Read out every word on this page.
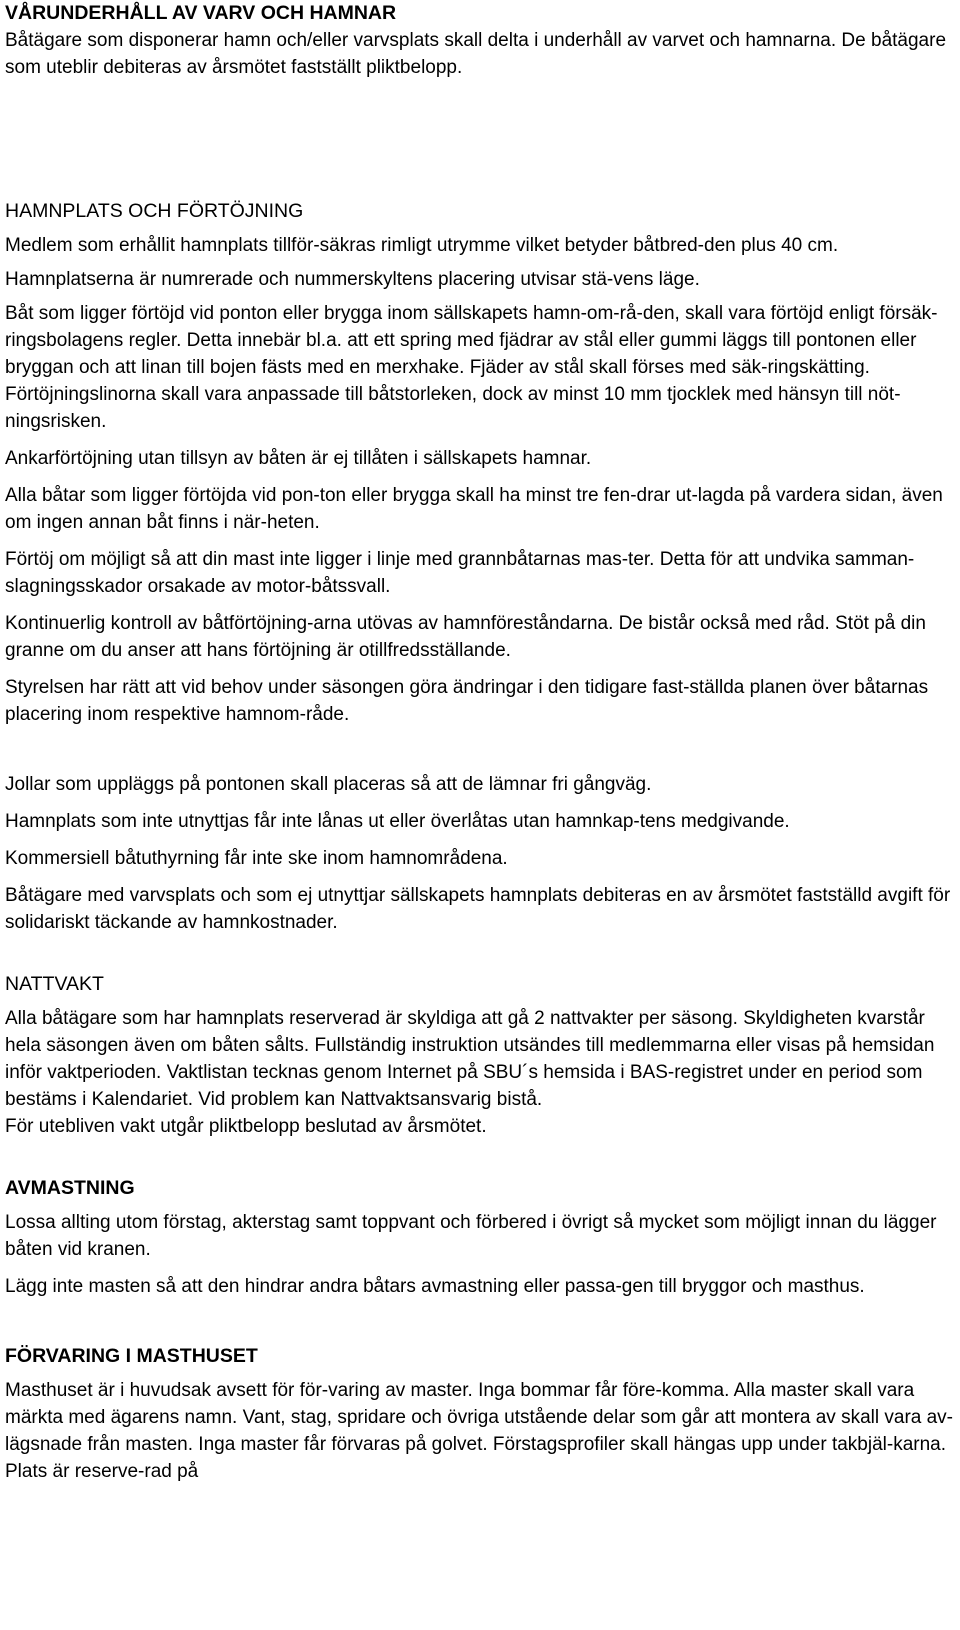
VÅRUNDERHÅLL AV VARV OCH HAMNAR

Båtägare som disponerar hamn och/eller varvsplats skall delta i underhåll av varvet och hamnarna. De båtägare som uteblir debiteras av årsmötet fastställt pliktbelopp.

HAMNPLATS OCH FÖRTÖJNING

Medlem som erhållit hamnplats tillför-säkras rimligt utrymme vilket betyder båtbred-den plus 40 cm.

Hamnplatserna är numrerade och nummerskyltens placering utvisar stä-vens läge.

Båt som ligger förtöjd vid ponton eller brygga inom sällskapets hamn-om-rå-den, skall vara förtöjd enligt försäk-ringsbolagens regler. Detta innebär bl.a. att ett spring med fjädrar av stål eller gummi läggs till pontonen eller bryggan och att linan till bojen fästs med en merxhake. Fjäder av stål skall förses med säk-ringskätting. Förtöjningslinorna skall vara anpassade till båtstorleken, dock av minst 10 mm tjocklek med hänsyn till nöt-ningsrisken.

Ankarförtöjning utan tillsyn av båten är ej tillåten i sällskapets hamnar.

Alla båtar som ligger förtöjda vid pon-ton eller brygga skall ha minst tre fen-drar ut-lagda på vardera sidan, även om ingen annan båt finns i när-heten.

Förtöj om möjligt så att din mast inte ligger i linje med grannbåtarnas mas-ter. Detta för att undvika samman-slagningsskador orsakade av motor-båtssvall.

Kontinuerlig kontroll av båtförtöjning-arna utövas av hamnföreståndarna. De bistår också med råd. Stöt på din granne om du anser att hans förtöjning är otillfredsställande.

Styrelsen har rätt att vid behov under säsongen göra ändringar i den tidigare fast-ställda planen över båtarnas placering inom respektive hamnom-råde.

Jollar som uppläggs på pontonen skall placeras så att de lämnar fri gångväg.

Hamnplats som inte utnyttjas får inte lånas ut eller överlåtas utan hamnkap-tens medgivande.

Kommersiell båtuthyrning får inte ske inom hamnområdena.

Båtägare med varvsplats och som ej utnyttjar sällskapets hamnplats debiteras en av årsmötet fastställd avgift för solidariskt täckande av hamnkostnader.

NATTVAKT

Alla båtägare som har hamnplats reserverad är skyldiga att gå 2 nattvakter per säsong. Skyldigheten kvarstår hela säsongen även om båten sålts. Fullständig instruktion utsändes till medlemmarna eller visas på hemsidan inför vaktperioden. Vaktlistan tecknas genom Internet på SBU´s hemsida i BAS-registret under en period som bestäms i Kalendariet. Vid problem kan Nattvaktsansvarig bistå.

För utebliven vakt utgår pliktbelopp beslutad av årsmötet.

AVMASTNING

Lossa allting utom förstag, akterstag samt toppvant och förbered i övrigt så mycket som möjligt innan du lägger båten vid kranen.

Lägg inte masten så att den hindrar andra båtars avmastning eller passa-gen till bryggor och masthus.

FÖRVARING I MASTHUSET

Masthuset är i huvudsak avsett för för-varing av master. Inga bommar får före-komma. Alla master skall vara märkta med ägarens namn. Vant, stag, spridare och övriga utstående delar som går att montera av skall vara av-lägsnade från masten. Inga master får förvaras på golvet. Förstagsprofiler skall hängas upp under takbjäl-karna. Plats är reserve-rad på
